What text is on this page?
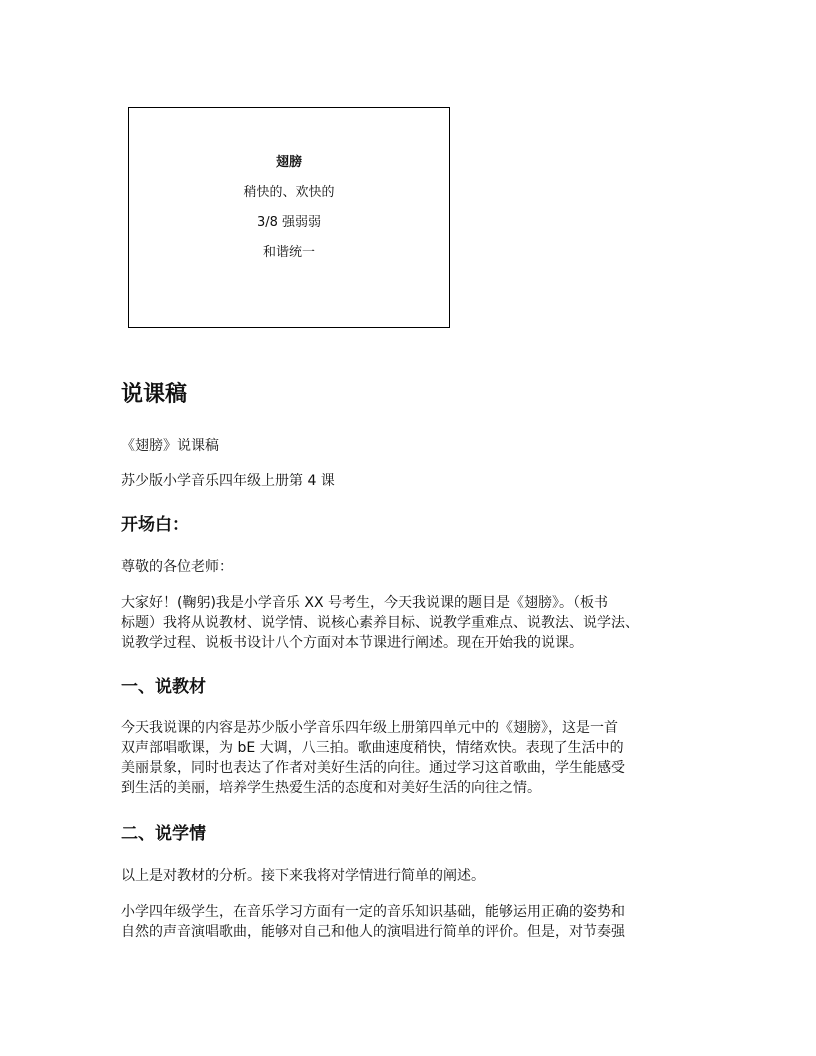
翅膀
稍快的、欢快的
3/8 强弱弱
和谐统一
说课稿

《翅膀》说课稿

苏少版小学音乐四年级上册第 4 课

开场白：

尊敬的各位老师：

大家好！(鞠躬)我是小学音乐 XX 号考生，今天我说课的题目是《翅膀》。（板书
标题）我将从说教材、说学情、说核心素养目标、说教学重难点、说教法、说学法、
说教学过程、说板书设计八个方面对本节课进行阐述。现在开始我的说课。

一、说教材

今天我说课的内容是苏少版小学音乐四年级上册第四单元中的《翅膀》，这是一首
双声部唱歌课，为 bE 大调，八三拍。歌曲速度稍快，情绪欢快。表现了生活中的
美丽景象，同时也表达了作者对美好生活的向往。通过学习这首歌曲，学生能感受
到生活的美丽，培养学生热爱生活的态度和对美好生活的向往之情。

二、说学情

以上是对教材的分析。接下来我将对学情进行简单的阐述。

小学四年级学生，在音乐学习方面有一定的音乐知识基础，能够运用正确的姿势和
自然的声音演唱歌曲，能够对自己和他人的演唱进行简单的评价。但是，对节奏强
